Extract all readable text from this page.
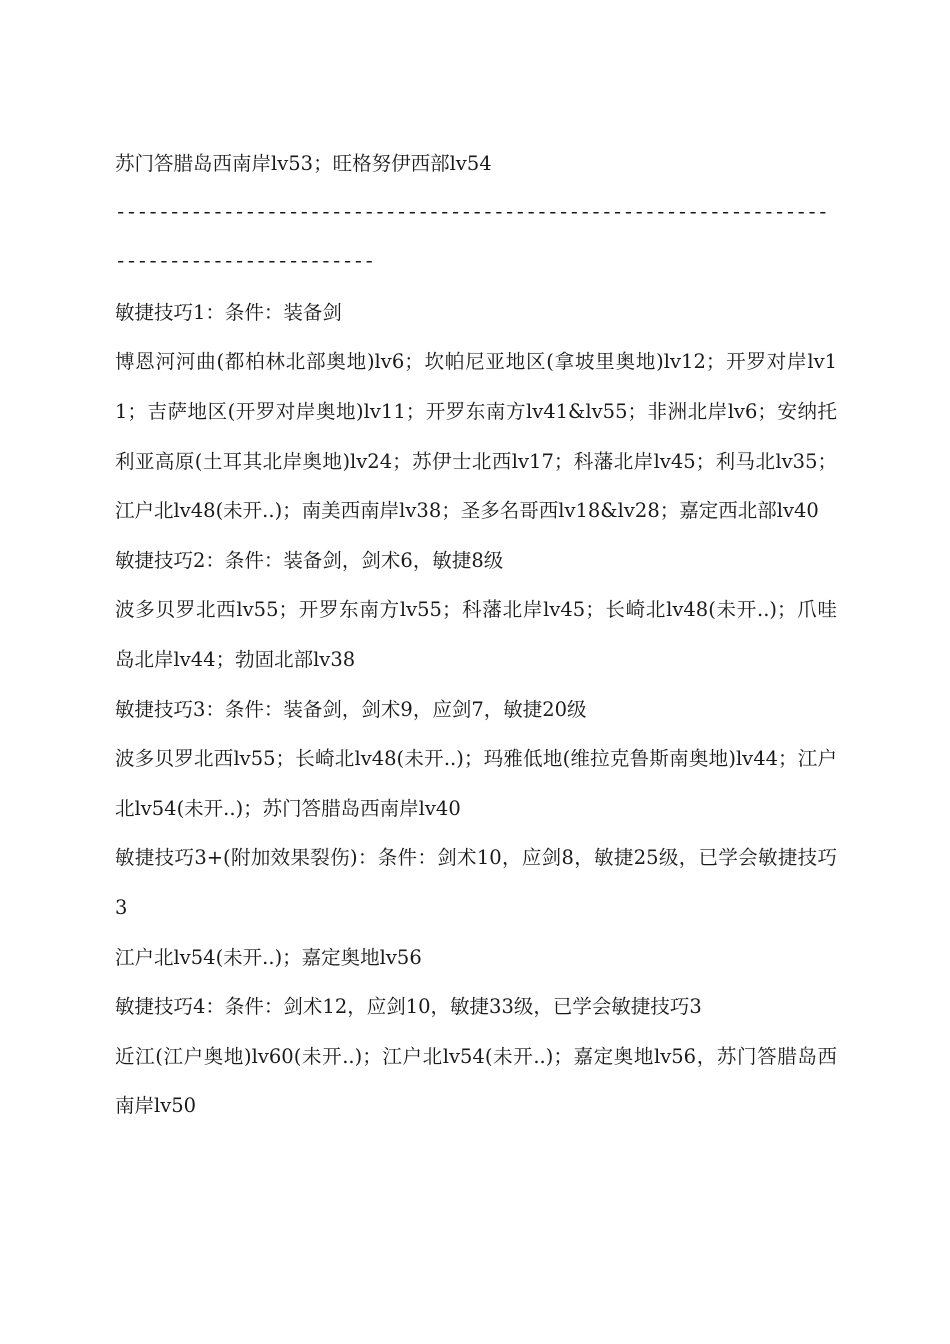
苏门答腊岛西南岸lv53；旺格努伊西部lv54

------------------------------------------------------------------------------------------

敏捷技巧1：条件：装备剑

博恩河河曲(都柏林北部奥地)lv6；坎帕尼亚地区(拿坡里奥地)lv12；开罗对岸lv11；吉萨地区(开罗对岸奥地)lv11；开罗东南方lv41&lv55；非洲北岸lv6；安纳托利亚高原(土耳其北岸奥地)lv24；苏伊士北西lv17；科藩北岸lv45；利马北lv35；江户北lv48(未开..)；南美西南岸lv38；圣多名哥西lv18&lv28；嘉定西北部lv40

敏捷技巧2：条件：装备剑，剑术6，敏捷8级

波多贝罗北西lv55；开罗东南方lv55；科藩北岸lv45；长崎北lv48(未开..)；爪哇岛北岸lv44；勃固北部lv38

敏捷技巧3：条件：装备剑，剑术9，应剑7，敏捷20级

波多贝罗北西lv55；长崎北lv48(未开..)；玛雅低地(维拉克鲁斯南奥地)lv44；江户北lv54(未开..)；苏门答腊岛西南岸lv40

敏捷技巧3+(附加效果裂伤)：条件：剑术10，应剑8，敏捷25级，已学会敏捷技巧3

江户北lv54(未开..)；嘉定奥地lv56

敏捷技巧4：条件：剑术12，应剑10，敏捷33级，已学会敏捷技巧3

近江(江户奥地)lv60(未开..)；江户北lv54(未开..)；嘉定奥地lv56，苏门答腊岛西南岸lv50
